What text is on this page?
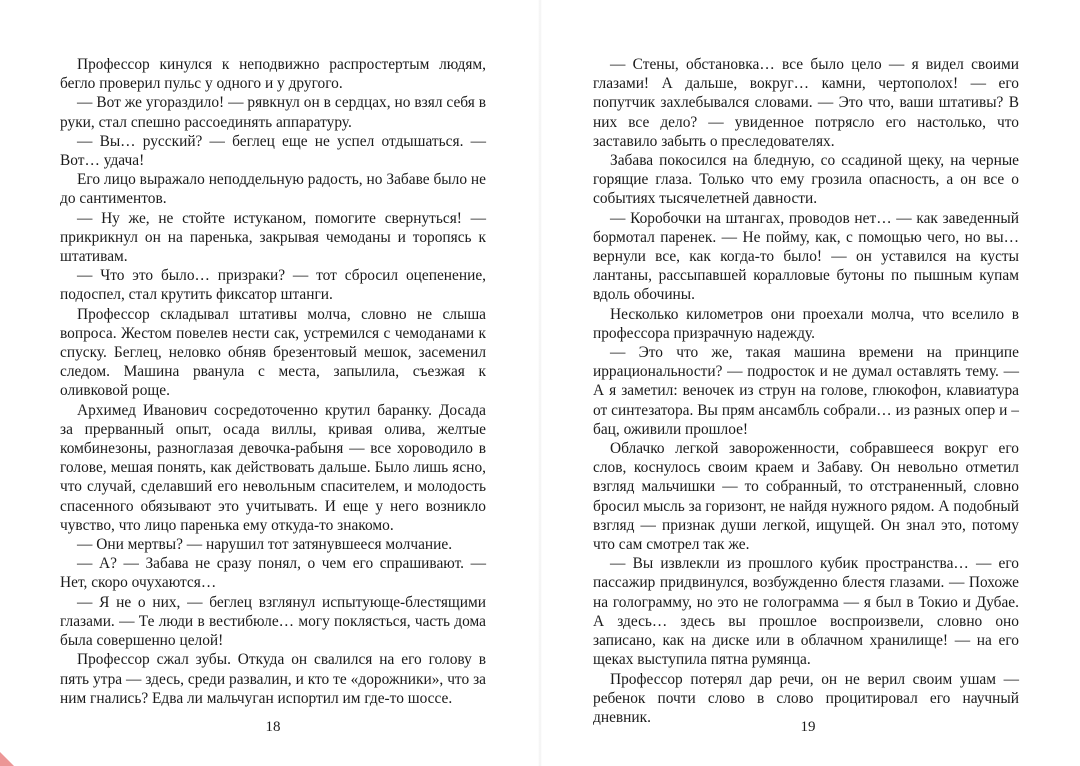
Профессор кинулся к неподвижно распростертым людям, бегло проверил пульс у одного и у другого.

— Вот же угораздило! — рявкнул он в сердцах, но взял себя в руки, стал спешно рассоединять аппаратуру.

— Вы… русский? — беглец еще не успел отдышаться. — Вот… удача!

Его лицо выражало неподдельную радость, но Забаве было не до сантиментов.

— Ну же, не стойте истуканом, помогите свернуться! — прикрикнул он на паренька, закрывая чемоданы и торопясь к штативам.

— Что это было… призраки? — тот сбросил оцепенение, подоспел, стал крутить фиксатор штанги.

Профессор складывал штативы молча, словно не слыша вопроса. Жестом повелев нести сак, устремился с чемоданами к спуску. Беглец, неловко обняв брезентовый мешок, засеменил следом. Машина рванула с места, запылила, съезжая к оливковой роще.

Архимед Иванович сосредоточенно крутил баранку. Досада за прерванный опыт, осада виллы, кривая олива, желтые комбинезоны, разноглазая девочка-рабыня — все хороводило в голове, мешая понять, как действовать дальше. Было лишь ясно, что случай, сделавший его невольным спасителем, и молодость спасенного обязывают это учитывать. И еще у него возникло чувство, что лицо паренька ему откуда-то знакомо.

— Они мертвы? — нарушил тот затянувшееся молчание.

— А? — Забава не сразу понял, о чем его спрашивают. — Нет, скоро очухаются…

— Я не о них, — беглец взглянул испытующе-блестящими глазами. — Те люди в вестибюле… могу поклясться, часть дома была совершенно целой!

Профессор сжал зубы. Откуда он свалился на его голову в пять утра — здесь, среди развалин, и кто те «дорожники», что за ним гнались? Едва ли мальчуган испортил им где-то шоссе.

— Стены, обстановка… все было цело — я видел своими глазами! А дальше, вокруг… камни, чертополох! — его попутчик захлебывался словами. — Это что, ваши штативы? В них все дело? — увиденное потрясло его настолько, что заставило забыть о преследователях.

Забава покосился на бледную, со ссадиной щеку, на черные горящие глаза. Только что ему грозила опасность, а он все о событиях тысячелетней давности.

— Коробочки на штангах, проводов нет… — как заведенный бормотал паренек. — Не пойму, как, с помощью чего, но вы… вернули все, как когда-то было! — он уставился на кусты лантаны, рассыпавшей коралловые бутоны по пышным купам вдоль обочины.

Несколько километров они проехали молча, что вселило в профессора призрачную надежду.

— Это что же, такая машина времени на принципе иррациональности? — подросток и не думал оставлять тему. — А я заметил: веночек из струн на голове, глюкофон, клавиатура от синтезатора. Вы прям ансамбль собрали… из разных опер и – бац, оживили прошлое!

Облачко легкой завороженности, собравшееся вокруг его слов, коснулось своим краем и Забаву. Он невольно отметил взгляд мальчишки — то собранный, то отстраненный, словно бросил мысль за горизонт, не найдя нужного рядом. А подобный взгляд — признак души легкой, ищущей. Он знал это, потому что сам смотрел так же.

— Вы извлекли из прошлого кубик пространства… — его пассажир придвинулся, возбужденно блестя глазами. — Похоже на голограмму, но это не голограмма — я был в Токио и Дубае. А здесь… здесь вы прошлое воспроизвели, словно оно записано, как на диске или в облачном хранилище! — на его щеках выступила пятна румянца.

Профессор потерял дар речи, он не верил своим ушам — ребенок почти слово в слово процитировал его научный дневник.

18	19
